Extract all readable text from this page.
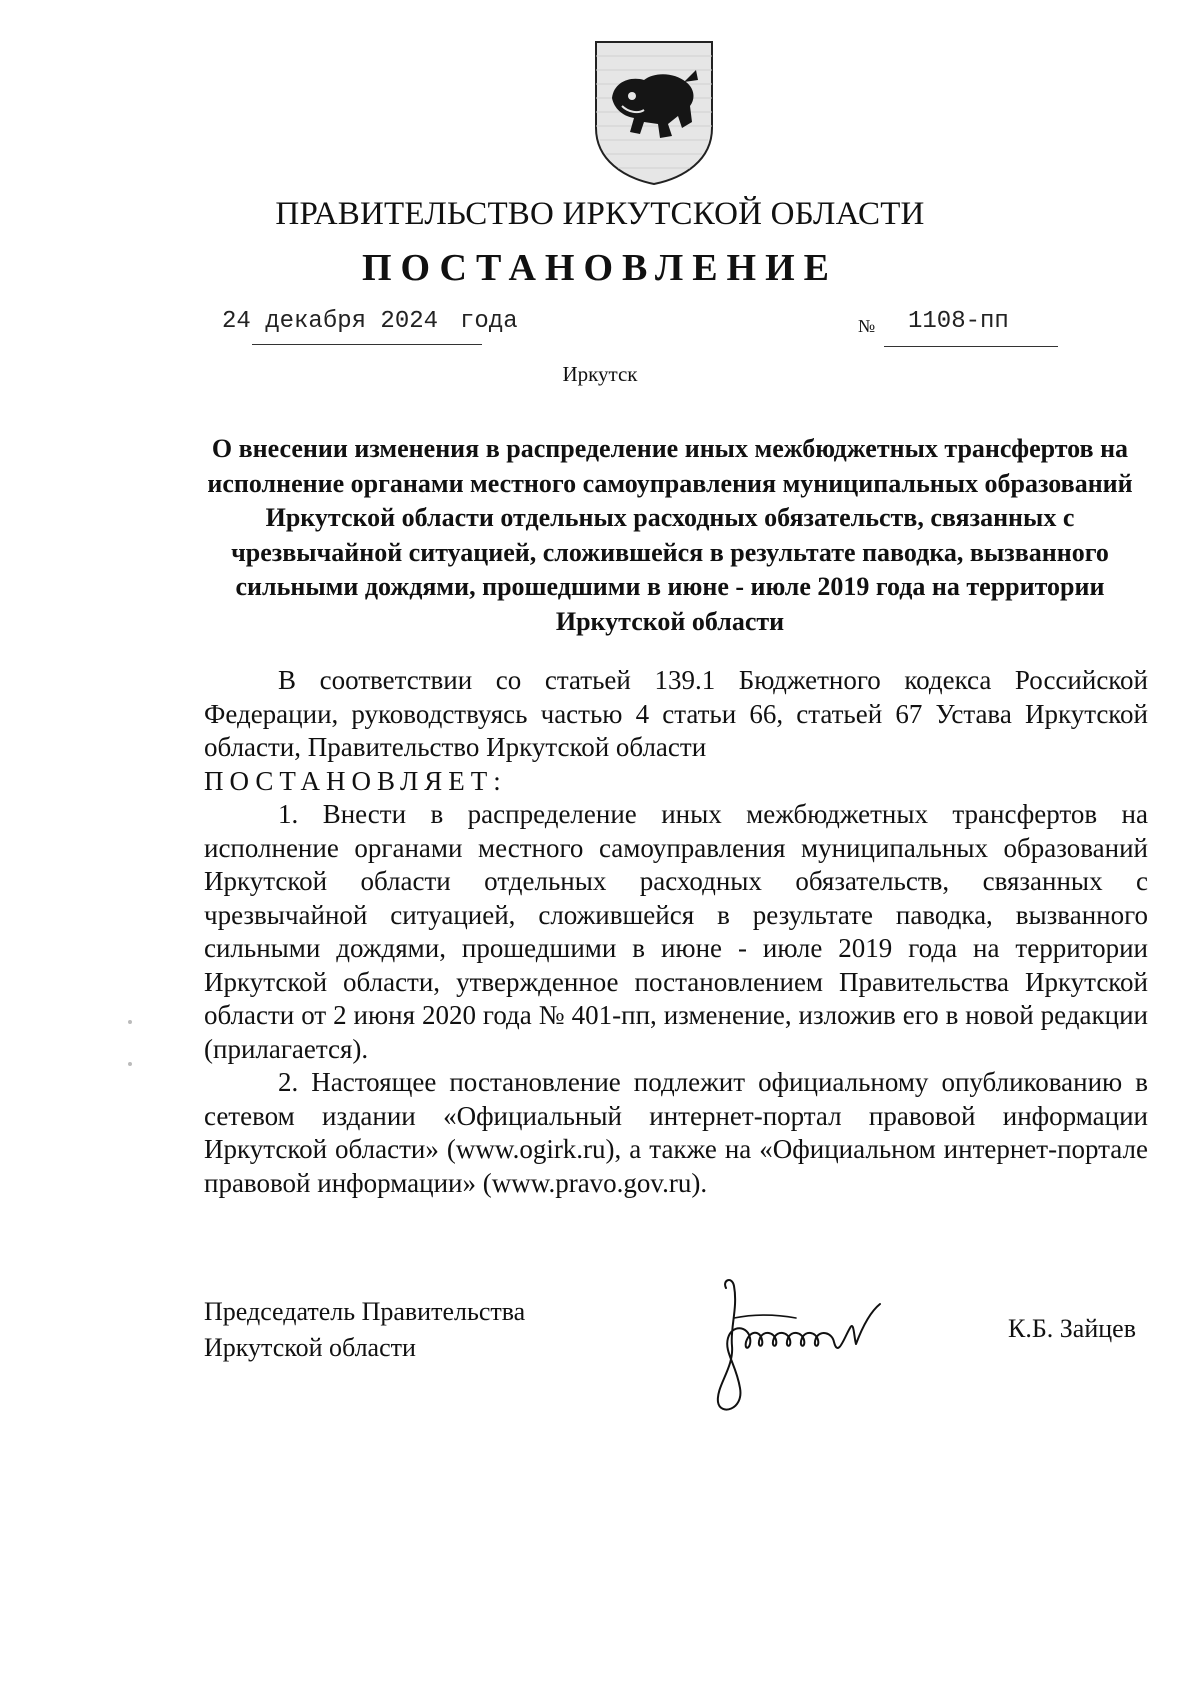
ПРАВИТЕЛЬСТВО ИРКУТСКОЙ ОБЛАСТИ
ПОСТАНОВЛЕНИЕ
24 декабря 2024 года	№ 1108-пп
Иркутск
О внесении изменения в распределение иных межбюджетных трансфертов на исполнение органами местного самоуправления муниципальных образований Иркутской области отдельных расходных обязательств, связанных с чрезвычайной ситуацией, сложившейся в результате паводка, вызванного сильными дождями, прошедшими в июне - июле 2019 года на территории Иркутской области

В соответствии со статьей 139.1 Бюджетного кодекса Российской Федерации, руководствуясь частью 4 статьи 66, статьей 67 Устава Иркутской области, Правительство Иркутской области

ПОСТАНОВЛЯЕТ:

1. Внести в распределение иных межбюджетных трансфертов на исполнение органами местного самоуправления муниципальных образований Иркутской области отдельных расходных обязательств, связанных с чрезвычайной ситуацией, сложившейся в результате паводка, вызванного сильными дождями, прошедшими в июне - июле 2019 года на территории Иркутской области, утвержденное постановлением Правительства Иркутской области от 2 июня 2020 года № 401-пп, изменение, изложив его в новой редакции (прилагается).

2. Настоящее постановление подлежит официальному опубликованию в сетевом издании «Официальный интернет-портал правовой информации Иркутской области» (www.ogirk.ru), а также на «Официальном интернет-портале правовой информации» (www.pravo.gov.ru).

Председатель Правительства
Иркутской области
К.Б. Зайцев
